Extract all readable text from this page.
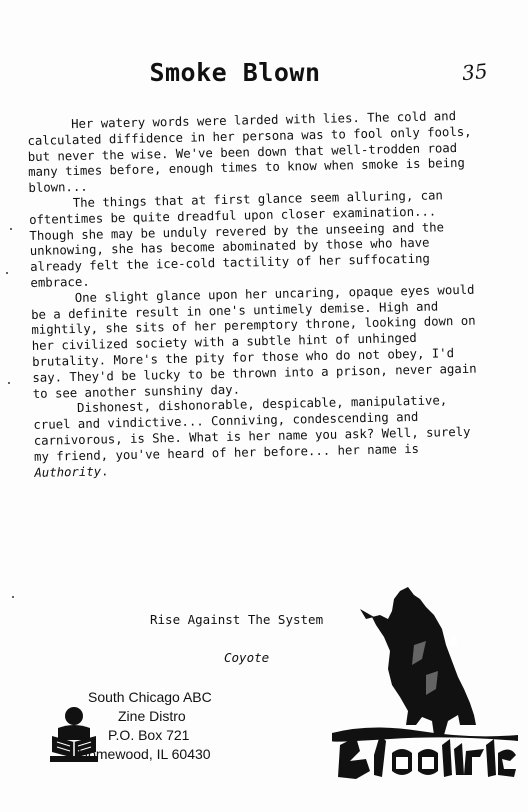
Smoke Blown	35

Her watery words were larded with lies. The cold and calculated diffidence in her persona was to fool only fools, but never the wise. We've been down that well-trodden road many times before, enough times to know when smoke is being blown...

The things that at first glance seem alluring, can oftentimes be quite dreadful upon closer examination... Though she may be unduly revered by the unseeing and the unknowing, she has become abominated by those who have already felt the ice-cold tactility of her suffocating embrace.

One slight glance upon her uncaring, opaque eyes would be a definite result in one's untimely demise. High and mightily, she sits of her peremptory throne, looking down on her civilized society with a subtle hint of unhinged brutality. More's the pity for those who do not obey, I'd say. They'd be lucky to be thrown into a prison, never again to see another sunshiny day.

Dishonest, dishonorable, despicable, manipulative, cruel and vindictive... Conniving, condescending and carnivorous, is She. What is her name you ask? Well, surely my friend, you've heard of her before... her name is Authority.

Rise Against The System
Coyote
South Chicago ABC
Zine Distro
P.O. Box 721
Homewood, IL 60430
